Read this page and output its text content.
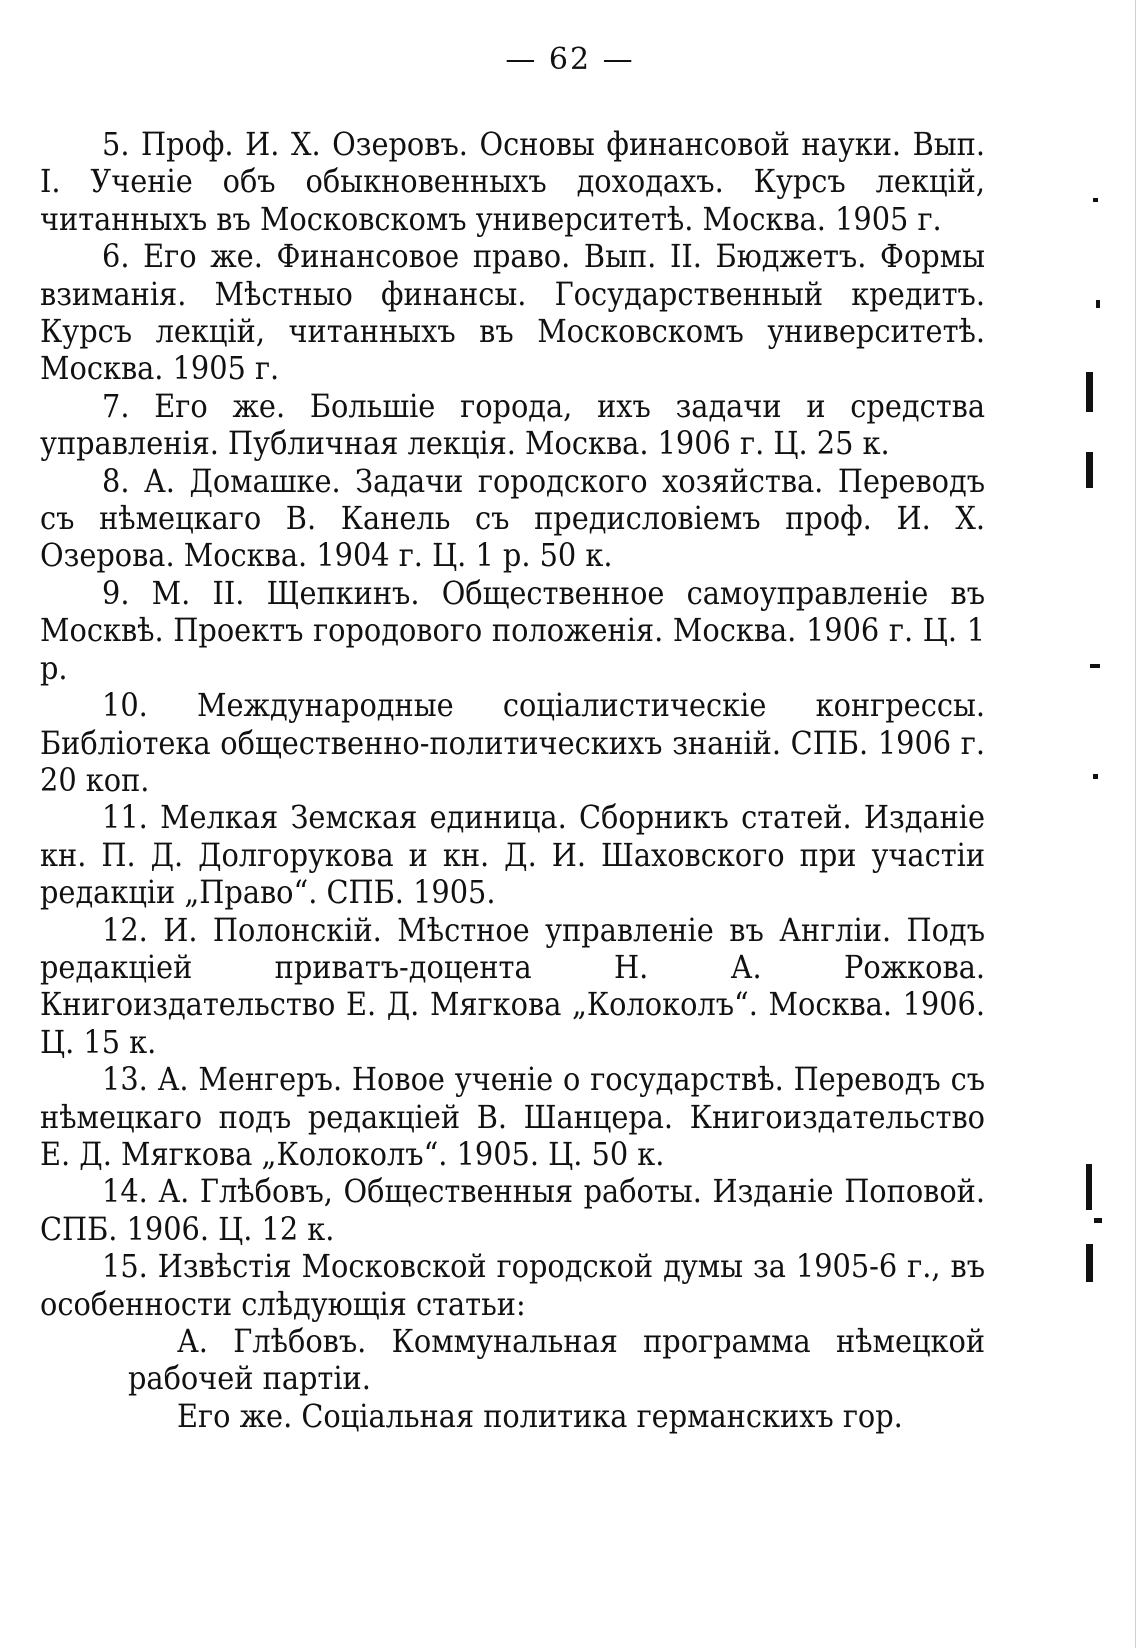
— 62 —

5. Проф. И. Х. Озеровъ. Основы финансовой науки. Вып. I. Ученіе объ обыкновенныхъ доходахъ. Курсъ лекцій, читанныхъ въ Московскомъ университетѣ. Москва. 1905 г.

6. Его же. Финансовое право. Вып. II. Бюджетъ. Формы взиманія. Мѣстныо финансы. Государственный кредитъ. Курсъ лекцій, читанныхъ въ Московскомъ университетѣ. Москва. 1905 г.

7. Его же. Большіе города, ихъ задачи и средства управленія. Публичная лекція. Москва. 1906 г. Ц. 25 к.

8. А. Домашке. Задачи городского хозяйства. Переводъ съ нѣмецкаго В. Канель съ предисловіемъ проф. И. Х. Озерова. Москва. 1904 г. Ц. 1 р. 50 к.

9. М. II. Щепкинъ. Общественное самоуправленіе въ Москвѣ. Проектъ городового положенія. Москва. 1906 г. Ц. 1 р.

10. Международные соціалистическіе конгрессы. Библіотека общественно-политическихъ знаній. СПБ. 1906 г. 20 коп.

11. Мелкая Земская единица. Сборникъ статей. Изданіе кн. П. Д. Долгорукова и кн. Д. И. Шаховского при участіи редакціи „Право“. СПБ. 1905.

12. И. Полонскій. Мѣстное управленіе въ Англіи. Подъ редакціей приватъ-доцента Н. А. Рожкова. Книгоиздательство Е. Д. Мягкова „Колоколъ“. Москва. 1906. Ц. 15 к.

13. А. Менгеръ. Новое ученіе о государствѣ. Переводъ съ нѣмецкаго подъ редакціей В. Шанцера. Книгоиздательство Е. Д. Мягкова „Колоколъ“. 1905. Ц. 50 к.

14. А. Глѣбовъ, Общественныя работы. Изданіе Поповой. СПБ. 1906. Ц. 12 к.

15. Извѣстія Московской городской думы за 1905-6 г., въ особенности слѣдующія статьи:

А. Глѣбовъ. Коммунальная программа нѣмецкой рабочей партіи.

Его же. Соціальная политика германскихъ гор.
